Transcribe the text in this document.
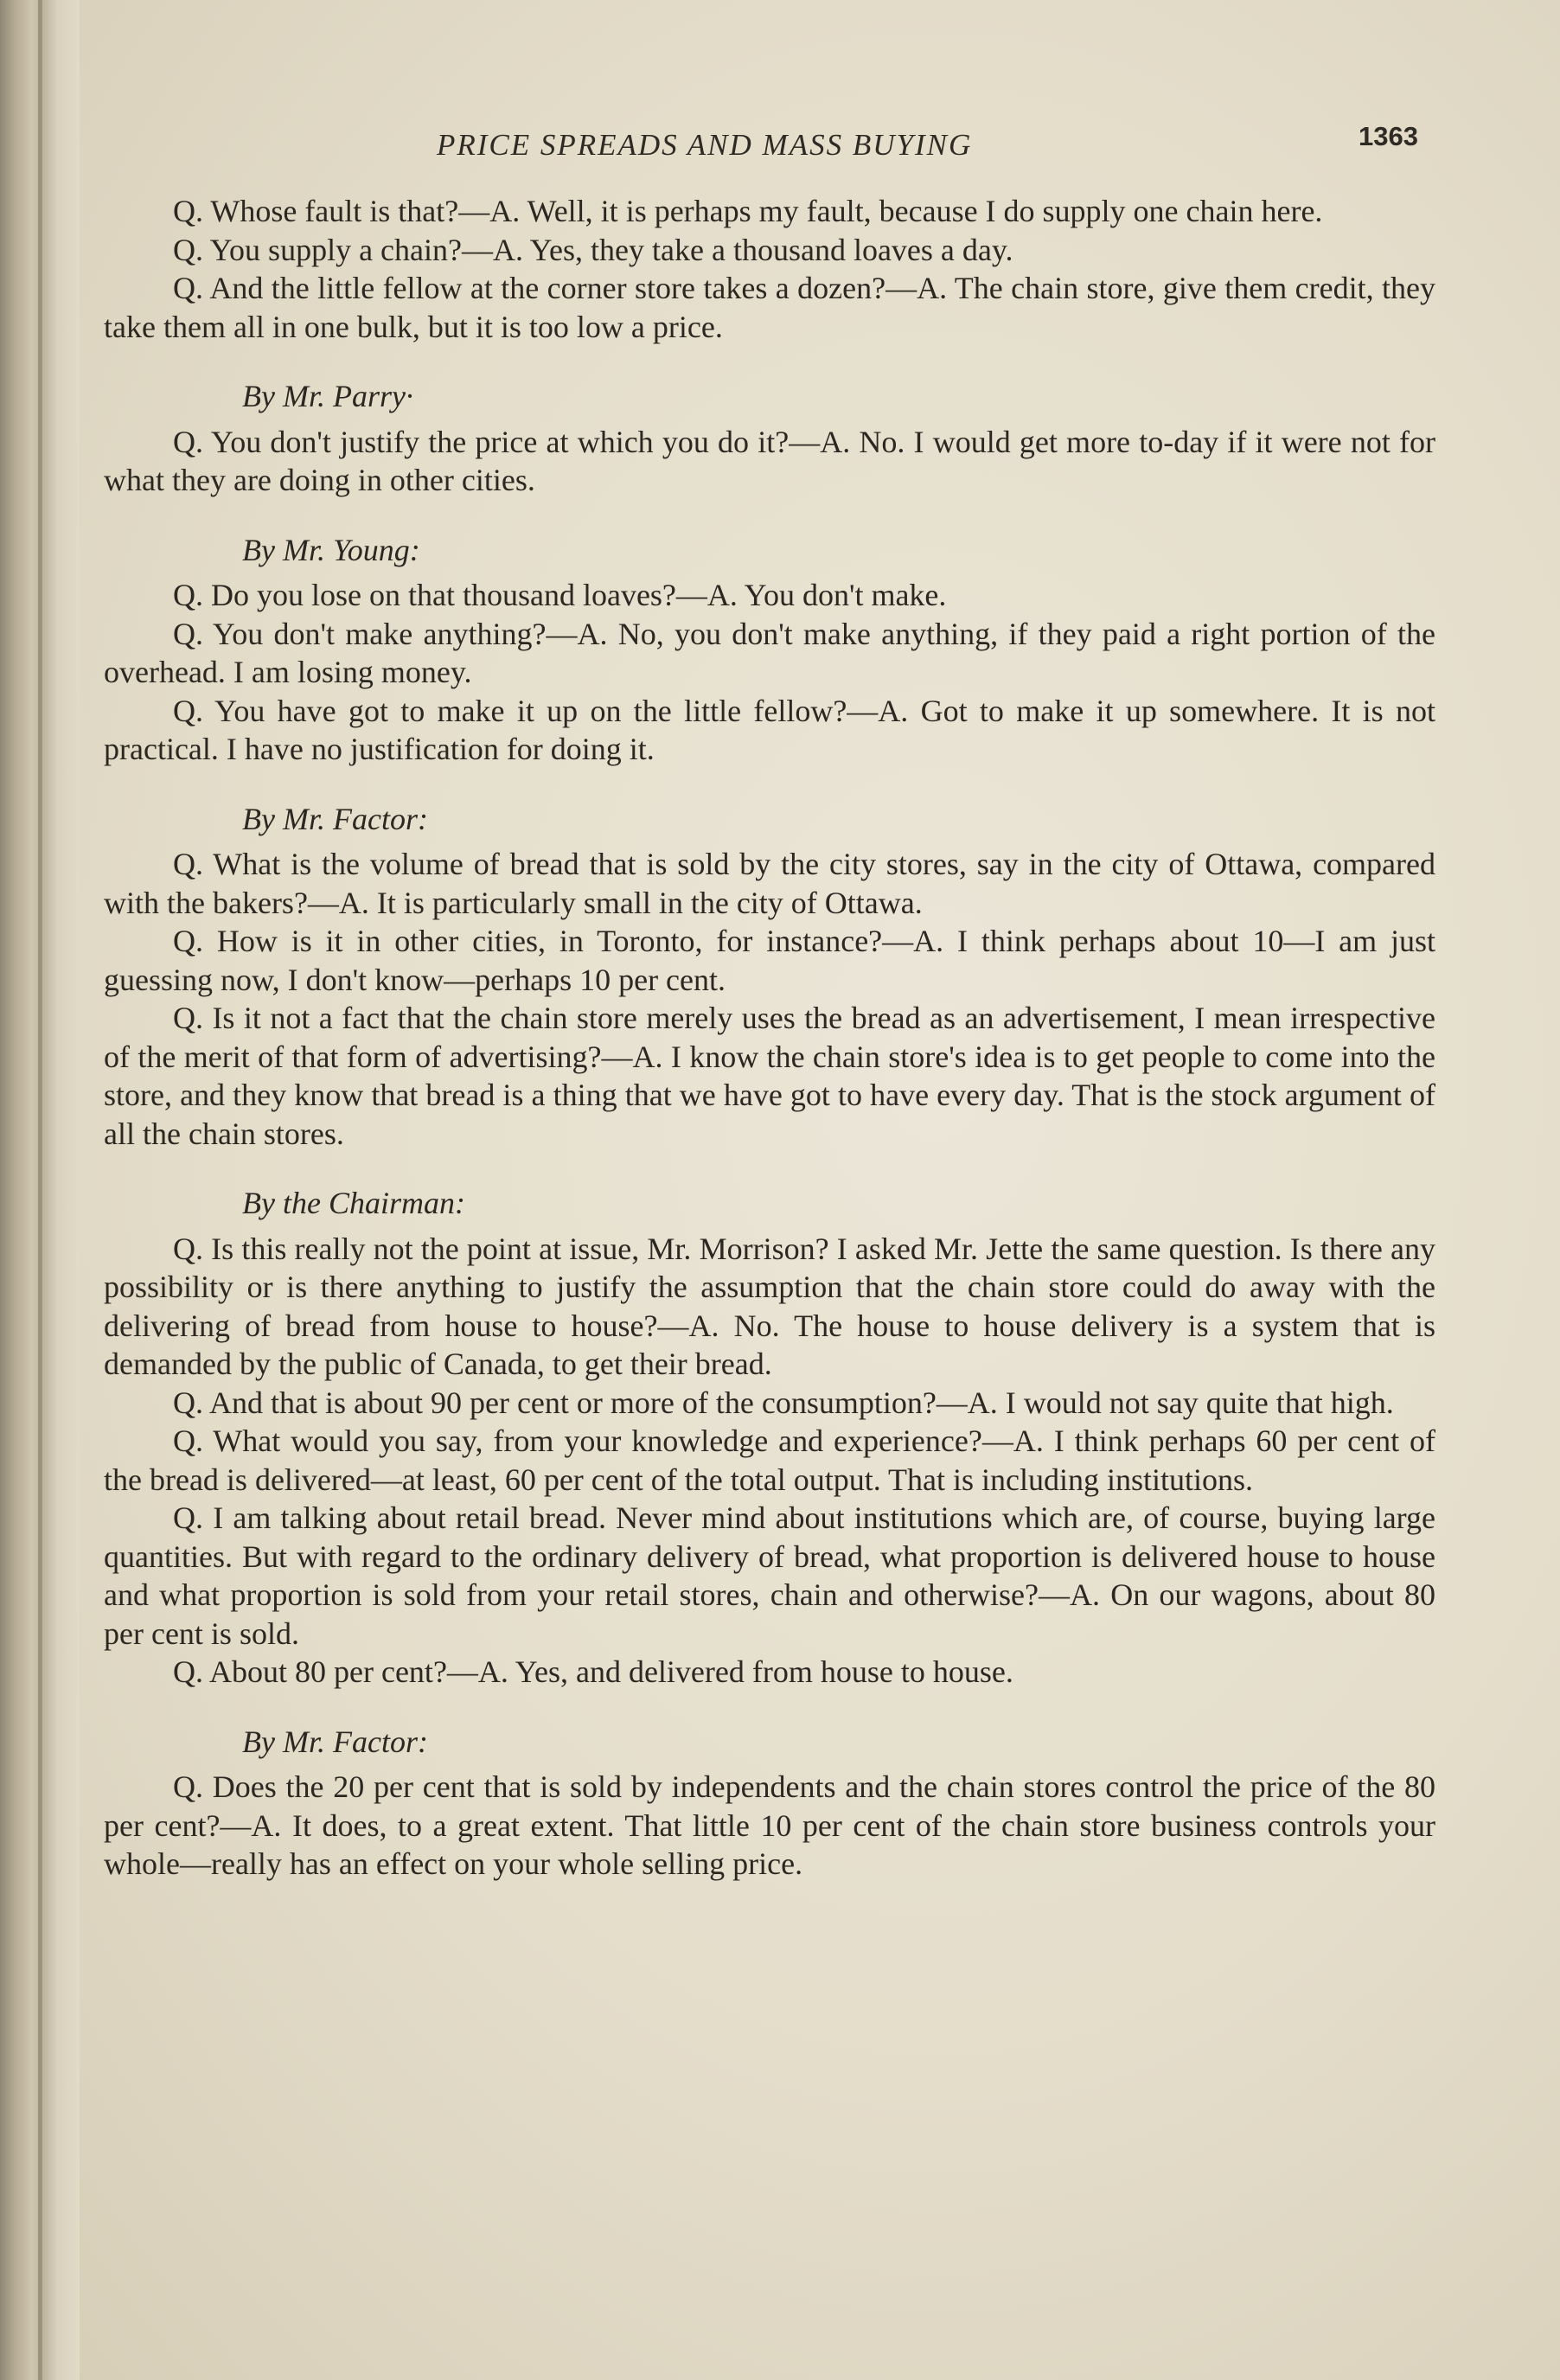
PRICE SPREADS AND MASS BUYING	1363

Q. Whose fault is that?—A. Well, it is perhaps my fault, because I do supply one chain here.

Q. You supply a chain?—A. Yes, they take a thousand loaves a day.

Q. And the little fellow at the corner store takes a dozen?—A. The chain store, give them credit, they take them all in one bulk, but it is too low a price.

By Mr. Parry·

Q. You don't justify the price at which you do it?—A. No. I would get more to-day if it were not for what they are doing in other cities.

By Mr. Young:

Q. Do you lose on that thousand loaves?—A. You don't make.

Q. You don't make anything?—A. No, you don't make anything, if they paid a right portion of the overhead. I am losing money.

Q. You have got to make it up on the little fellow?—A. Got to make it up somewhere. It is not practical. I have no justification for doing it.

By Mr. Factor:

Q. What is the volume of bread that is sold by the city stores, say in the city of Ottawa, compared with the bakers?—A. It is particularly small in the city of Ottawa.

Q. How is it in other cities, in Toronto, for instance?—A. I think perhaps about 10—I am just guessing now, I don't know—perhaps 10 per cent.

Q. Is it not a fact that the chain store merely uses the bread as an advertisement, I mean irrespective of the merit of that form of advertising?—A. I know the chain store's idea is to get people to come into the store, and they know that bread is a thing that we have got to have every day. That is the stock argument of all the chain stores.

By the Chairman:

Q. Is this really not the point at issue, Mr. Morrison? I asked Mr. Jette the same question. Is there any possibility or is there anything to justify the assumption that the chain store could do away with the delivering of bread from house to house?—A. No. The house to house delivery is a system that is demanded by the public of Canada, to get their bread.

Q. And that is about 90 per cent or more of the consumption?—A. I would not say quite that high.

Q. What would you say, from your knowledge and experience?—A. I think perhaps 60 per cent of the bread is delivered—at least, 60 per cent of the total output. That is including institutions.

Q. I am talking about retail bread. Never mind about institutions which are, of course, buying large quantities. But with regard to the ordinary delivery of bread, what proportion is delivered house to house and what proportion is sold from your retail stores, chain and otherwise?—A. On our wagons, about 80 per cent is sold.

Q. About 80 per cent?—A. Yes, and delivered from house to house.

By Mr. Factor:

Q. Does the 20 per cent that is sold by independents and the chain stores control the price of the 80 per cent?—A. It does, to a great extent. That little 10 per cent of the chain store business controls your whole—really has an effect on your whole selling price.
